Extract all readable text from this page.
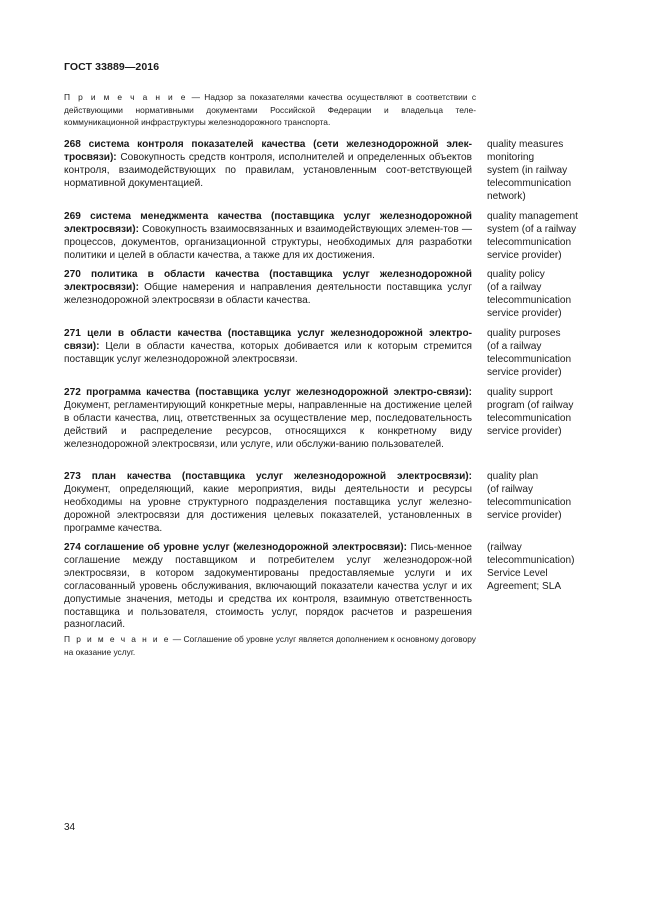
ГОСТ 33889—2016
П р и м е ч а н и е — Надзор за показателями качества осуществляют в соответствии с действующими нормативными документами Российской Федерации и владельца теле-коммуникационной инфраструктуры железнодорожного транспорта.
268 система контроля показателей качества (сети железнодорожной элек-тросвязи): Совокупность средств контроля, исполнителей и определенных объектов контроля, взаимодействующих по правилам, установленным соот-ветствующей нормативной документацией.
quality measures
monitoring
system (in railway
telecommunication
network)
269 система менеджмента качества (поставщика услуг железнодорожной электросвязи): Совокупность взаимосвязанных и взаимодействующих элемен-тов — процессов, документов, организационной структуры, необходимых для разработки политики и целей в области качества, а также для их достижения.
quality management
system (of a railway
telecommunication
service provider)
270 политика в области качества (поставщика услуг железнодорожной электросвязи): Общие намерения и направления деятельности поставщика услуг железнодорожной электросвязи в области качества.
quality policy
(of a railway
telecommunication
service provider)
271 цели в области качества (поставщика услуг железнодорожной электро-связи): Цели в области качества, которых добивается или к которым стремится поставщик услуг железнодорожной электросвязи.
quality purposes
(of a railway
telecommunication
service provider)
272 программа качества (поставщика услуг железнодорожной электро-связи): Документ, регламентирующий конкретные меры, направленные на достижение целей в области качества, лиц, ответственных за осуществление мер, последовательность действий и распределение ресурсов, относящихся к конкретному виду железнодорожной электросвязи, или услуге, или обслужи-ванию пользователей.
quality support
program (of railway
telecommunication
service provider)
273 план качества (поставщика услуг железнодорожной электросвязи): Документ, определяющий, какие мероприятия, виды деятельности и ресурсы необходимы на уровне структурного подразделения поставщика услуг железно-дорожной электросвязи для достижения целевых показателей, установленных в программе качества.
quality plan
(of railway
telecommunication
service provider)
274 соглашение об уровне услуг (железнодорожной электросвязи): Пись-менное соглашение между поставщиком и потребителем услуг железнодорож-ной электросвязи, в котором задокументированы предоставляемые услуги и их согласованный уровень обслуживания, включающий показатели качества услуг и их допустимые значения, методы и средства их контроля, взаимную ответственность поставщика и пользователя, стоимость услуг, порядок расчетов и разрешения разногласий.
(railway
telecommunication)
Service Level
Agreement; SLA
П р и м е ч а н и е — Соглашение об уровне услуг является дополнением к основному договору на оказание услуг.
34
